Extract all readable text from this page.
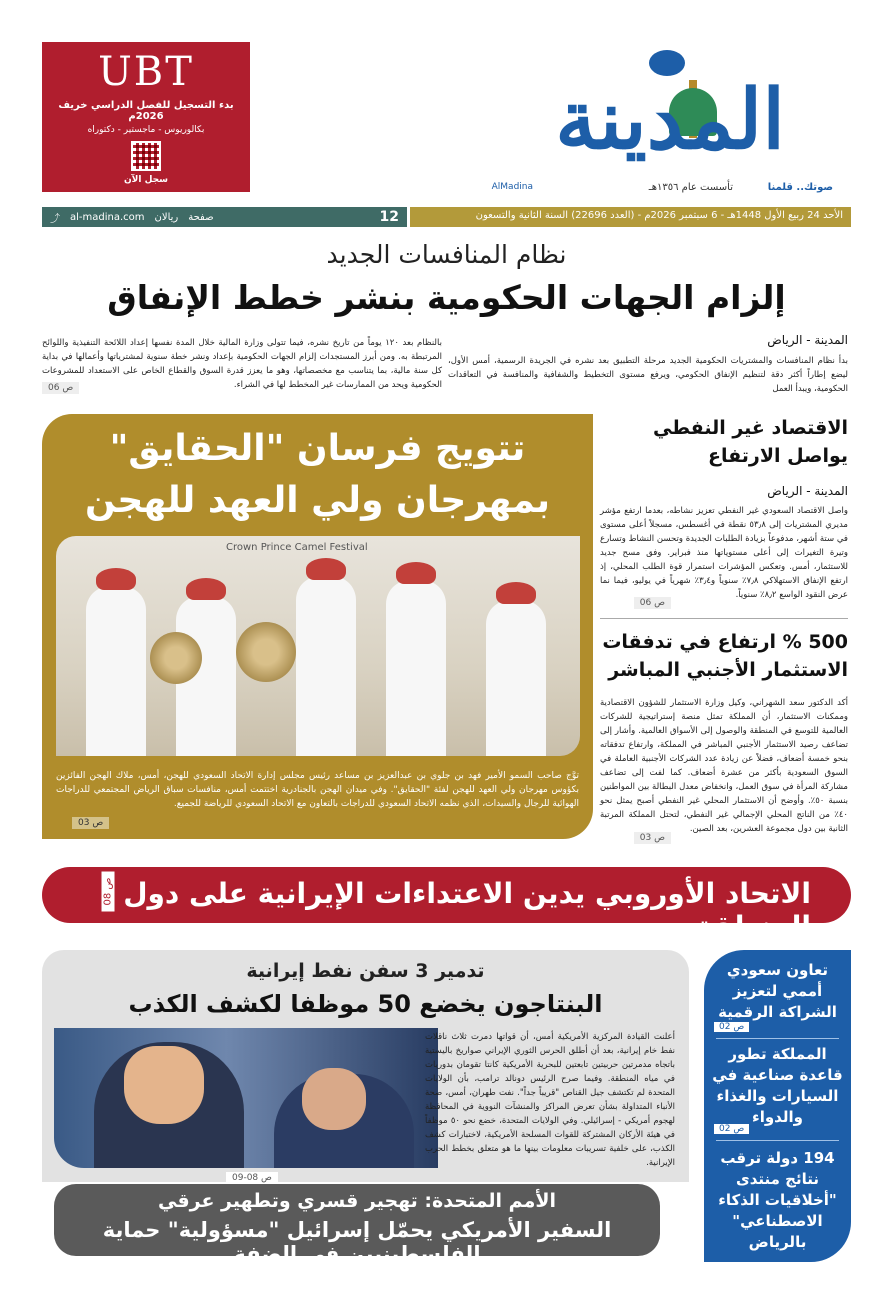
UBT
بدء التسجيل للفصل الدراسي خريف 2026م
بكالوريوس - ماجستير - دكتوراه
سجل الآن
المدينة
صوتك.. قلمنا
تأسست عام ١٣٥٦هـ
AlMadina
الأحد 24 ربيع الأول 1448هـ - 6 سبتمبر 2026م - (العدد 22696) السنة الثانية والتسعون
⤴ al-madina.com ريالان صفحة	12
نظام المنافسات الجديد
إلزام الجهات الحكومية بنشر خطط الإنفاق
المدينة - الرياض
بدأ نظام المنافسات والمشتريات الحكومية الجديد مرحلة التطبيق بعد نشره في الجريدة الرسمية، أمس الأول، ليضع إطاراً أكثر دقة لتنظيم الإنفاق الحكومي، ويرفع مستوى التخطيط والشفافية والمنافسة في التعاقدات الحكومية، ويبدأ العمل
بالنظام بعد ١٢٠ يوماً من تاريخ نشره، فيما تتولى وزارة المالية خلال المدة نفسها إعداد اللائحة التنفيذية واللوائح المرتبطة به. ومن أبرز المستجدات إلزام الجهات الحكومية بإعداد ونشر خطة سنوية لمشترياتها وأعمالها في بداية كل سنة مالية، بما يتناسب مع مخصصاتها، وهو ما يعزز قدرة السوق والقطاع الخاص على الاستعداد للمشروعات الحكومية ويحد من الممارسات غير المخطط لها في الشراء.
ص 06
تتويج فرسان "الحقايق"
بمهرجان ولي العهد للهجن
Crown Prince Camel Festival
توَّج صاحب السمو الأمير فهد بن جلوي بن عبدالعزيز بن مساعد رئيس مجلس إدارة الاتحاد السعودي للهجن، أمس، ملاك الهجن الفائزين بكؤوس مهرجان ولي العهد للهجن لفئة "الحقايق". وفي ميدان الهجن بالجنادرية اختتمت أمس، منافسات سباق الرياض المجتمعي للدراجات الهوائية للرجال والسيدات، الذي نظمه الاتحاد السعودي للدراجات بالتعاون مع الاتحاد السعودي للرياضة للجميع.
ص 03
الاقتصاد غير النفطي يواصل الارتفاع
المدينة - الرياض
واصل الاقتصاد السعودي غير النفطي تعزيز نشاطه، بعدما ارتفع مؤشر مديري المشتريات إلى ٥٣٫٨ نقطة في أغسطس، مسجلاً أعلى مستوى في ستة أشهر، مدفوعاً بزيادة الطلبات الجديدة وتحسن النشاط وتسارع وتيرة التغيرات إلى أعلى مستوياتها منذ فبراير. وفق مسح جديد للاستثمار، أمس. وتعكس المؤشرات استمرار قوة الطلب المحلي، إذ ارتفع الإنفاق الاستهلاكي ٧٫٨٪ سنوياً و٣٫٤٪ شهرياً في يوليو، فيما نما عرض النقود الواسع ٨٫٢٪ سنوياً.
ص 06
500 % ارتفاع في تدفقات الاستثمار الأجنبي المباشر
أكد الدكتور سعد الشهراني، وكيل وزارة الاستثمار للشؤون الاقتصادية وممكنات الاستثمار، أن المملكة تمثل منصة إستراتيجية للشركات العالمية للتوسع في المنطقة والوصول إلى الأسواق العالمية. وأشار إلى تضاعف رصيد الاستثمار الأجنبي المباشر في المملكة، وارتفاع تدفقاته بنحو خمسة أضعاف، فضلاً عن زيادة عدد الشركات الأجنبية العاملة في السوق السعودية بأكثر من عشرة أضعاف. كما لفت إلى تضاعف مشاركة المرأة في سوق العمل، وانخفاض معدل البطالة بين المواطنين بنسبة ٥٠٪. وأوضح أن الاستثمار المحلي غير النفطي أصبح يمثل نحو ٤٠٪ من الناتج المحلي الإجمالي غير النفطي، لتحتل المملكة المرتبة الثانية بين دول مجموعة العشرين، بعد الصين.
ص 03
الاتحاد الأوروبي يدين الاعتداءات الإيرانية على دول المنطقة
ص 08
تدمير 3 سفن نفط إيرانية
البنتاجون يخضع 50 موظفا لكشف الكذب
أعلنت القيادة المركزية الأمريكية أمس، أن قواتها دمرت ثلاث ناقلات نفط خام إيرانية، بعد أن أطلق الحرس الثوري الإيراني صواريخ باليستية باتجاه مدمرتين حربيتين تابعتين للبحرية الأمريكية كانتا تقومان بدوريات في مياه المنطقة. وفيما صرح الرئيس دونالد ترامب، بأن الولايات المتحدة لم تكتشف جيل القناص "قريباً جداً". نفت طهران، أمس، صحة الأنباء المتداولة بشأن تعرض المراكز والمنشآت النووية في المحافظة لهجوم أمريكي - إسرائيلي. وفي الولايات المتحدة، خضع نحو ٥٠ موظفاً في هيئة الأركان المشتركة للقوات المسلحة الأمريكية، لاختبارات كشف الكذب، على خلفية تسريبات معلومات بينها ما هو متعلق بخطط الحرب الإيرانية.
ص 08-09
الأمم المتحدة: تهجير قسري وتطهير عرقي
السفير الأمريكي يحمّل إسرائيل "مسؤولية" حماية الفلسطينيين في الضفة
تعاون سعودي أممي لتعزيز الشراكة الرقمية
ص 02
المملكة تطور قاعدة صناعية في السيارات والغذاء والدواء
ص 02
194 دولة ترقب نتائج منتدى "أخلاقيات الذكاء الاصطناعي" بالرياض
